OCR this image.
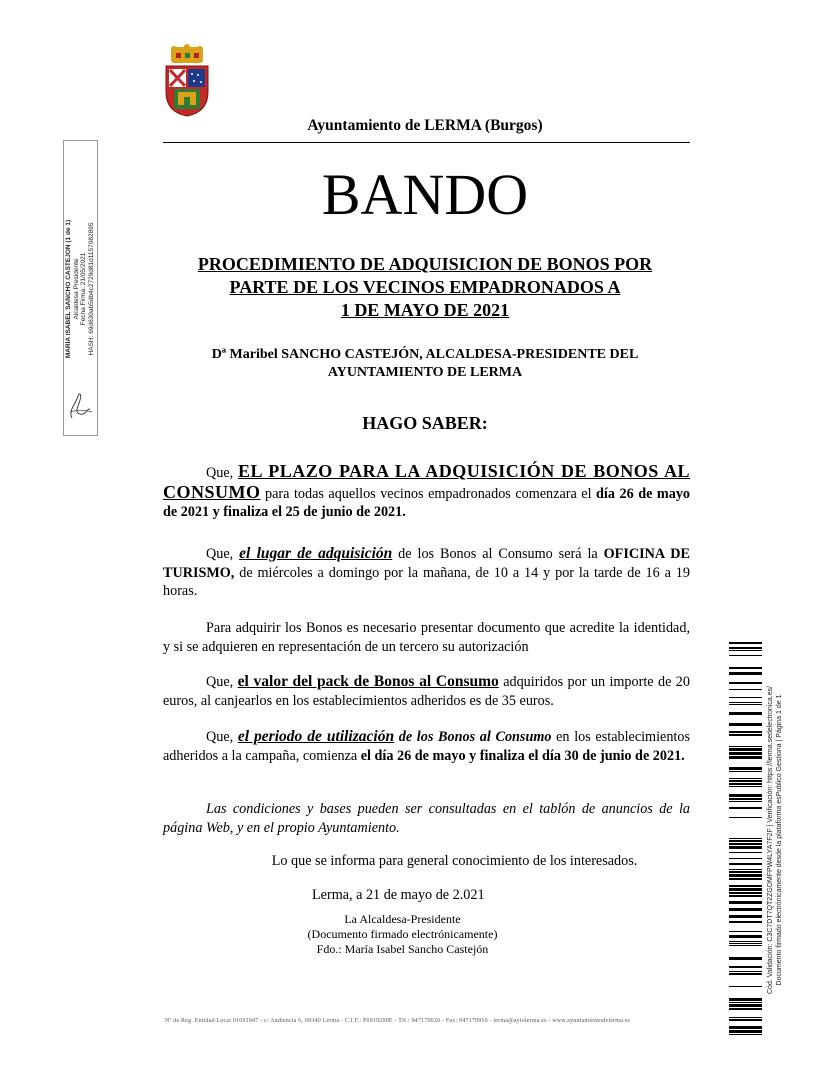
Ayuntamiento de LERMA (Burgos)
BANDO
PROCEDIMIENTO DE ADQUISICION DE BONOS POR
PARTE DE LOS VECINOS EMPADRONADOS A
1 DE MAYO DE 2021
Dª Maribel SANCHO CASTEJÓN, ALCALDESA-PRESIDENTE DEL
AYUNTAMIENTO DE LERMA
HAGO SABER:
Que, EL PLAZO PARA LA ADQUISICIÓN DE BONOS AL CONSUMO para todas aquellos vecinos empadronados comenzara el día 26 de mayo de 2021 y finaliza el 25 de junio de 2021.
Que, el lugar de adquisición de los Bonos al Consumo será la OFICINA DE TURISMO, de miércoles a domingo por la mañana, de 10 a 14 y por la tarde de 16 a 19 horas.
Para adquirir los Bonos es necesario presentar documento que acredite la identidad, y si se adquieren en representación de un tercero su autorización
Que, el valor del pack de Bonos al Consumo adquiridos por un importe de 20 euros, al canjearlos en los establecimientos adheridos es de 35 euros.
Que, el periodo de utilización de los Bonos al Consumo en los establecimientos adheridos a la campaña, comienza el día 26 de mayo y finaliza el día 30 de junio de 2021.
Las condiciones y bases pueden ser consultadas en el tablón de anuncios de la página Web, y en el propio Ayuntamiento.
Lo que se informa para general conocimiento de los interesados.
Lerma, a 21 de mayo de 2.021
La Alcaldesa-Presidente
(Documento firmado electrónicamente)
Fdo.: María Isabel Sancho Castejón
Nº de Reg. Entidad Local 01091947 - c/ Audiencia 6, 09340 Lerma - C.I.F.: P0919200E - Tlf.: 947170020 - Fax: 947170950 - lerma@aytolerma.es - www.ayuntamientodelerma.es
MARÍA ISABEL SANCHO CASTEJON (1 de 1) Alcaldesa Presidente Fecha Firma: 21/05/2021 HASH: 69d630ab5db4c2729d81d1157082895
Cód. Validación: C3C7DT7QT2ZGDMFPW4LYA7F2F | Verificación: https://lerma.sedelectronica.es/ Documento firmado electrónicamente desde la plataforma esPublico Gestiona | Página 1 de 1
